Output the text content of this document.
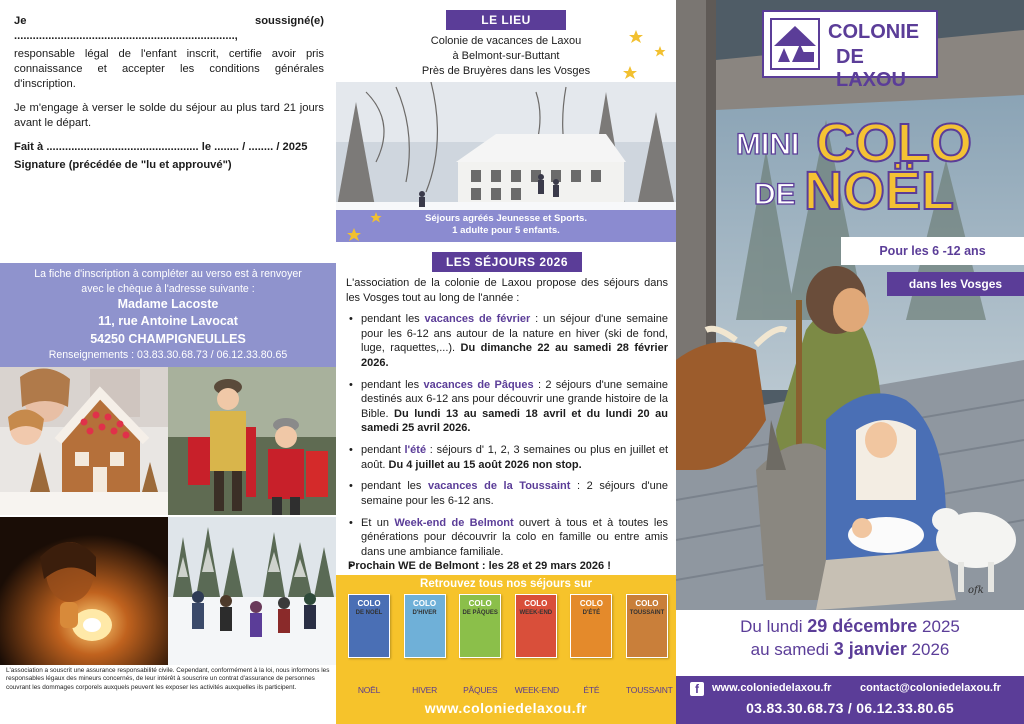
Je soussigné(e) .......................................................................,

responsable légal de l'enfant inscrit, certifie avoir pris connaissance et accepter les conditions générales d'inscription.

Je m'engage à verser le solde du séjour au plus tard 21 jours avant le départ.

Fait à ................................................. le ........ / ........ / 2025

Signature (précédée de "lu et approuvé")

La fiche d'inscription à compléter au verso est à renvoyer
avec le chèque à l'adresse suivante :
Madame Lacoste
11, rue Antoine Lavocat
54250 CHAMPIGNEULLES
Renseignements : 03.83.30.68.73 / 06.12.33.80.65
L'association a souscrit une assurance responsabilité civile. Cependant, conformément à la loi, nous informons les responsables légaux des mineurs concernés, de leur intérêt à souscrire un contrat d'assurance de personnes couvrant les dommages corporels auxquels peuvent les exposer les activités auxquelles ils participent.
LE LIEU
Colonie de vacances de Laxou
à Belmont-sur-Buttant
Près de Bruyères dans les Vosges
Séjours agréés Jeunesse et Sports.
1 adulte pour 5 enfants.
LES SÉJOURS 2026
L'association de la colonie de Laxou propose des séjours dans les Vosges tout au long de l'année :
• pendant les vacances de février : un séjour d'une semaine pour les 6-12 ans autour de la nature en hiver (ski de fond, luge, raquettes,...). Du dimanche 22 au samedi 28 février 2026.
• pendant les vacances de Pâques : 2 séjours d'une semaine destinés aux 6-12 ans pour découvrir une grande histoire de la Bible. Du lundi 13 au samedi 18 avril et du lundi 20 au samedi 25 avril 2026.
• pendant l'été : séjours d' 1, 2, 3 semaines ou plus en juillet et août. Du 4 juillet au 15 août 2026 non stop.
• pendant les vacances de la Toussaint : 2 séjours d'une semaine pour les 6-12 ans.
• Et un Week-end de Belmont ouvert à tous et à toutes les générations pour découvrir la colo en famille ou entre amis dans une ambiance familiale.
• Prochain WE de Belmont : les 28 et 29 mars 2026 !
Retrouvez tous nos séjours sur
COLO
DE NOËL
COLO
D'HIVER
COLO
DE PÂQUES
COLO
WEEK-END
COLO
D'ÉTÉ
COLO
TOUSSAINT
NOËL	HIVER	PÂQUES	WEEK-END	ÉTÉ	TOUSSAINT
www.coloniedelaxou.fr
COLONIE
DE LAXOU
MINI COLO
DE NOËL
Pour les 6 -12 ans
dans les Vosges
ofk
Du lundi 29 décembre 2025
au samedi 3 janvier 2026
f	www.coloniedelaxou.fr	contact@coloniedelaxou.fr
03.83.30.68.73 / 06.12.33.80.65
